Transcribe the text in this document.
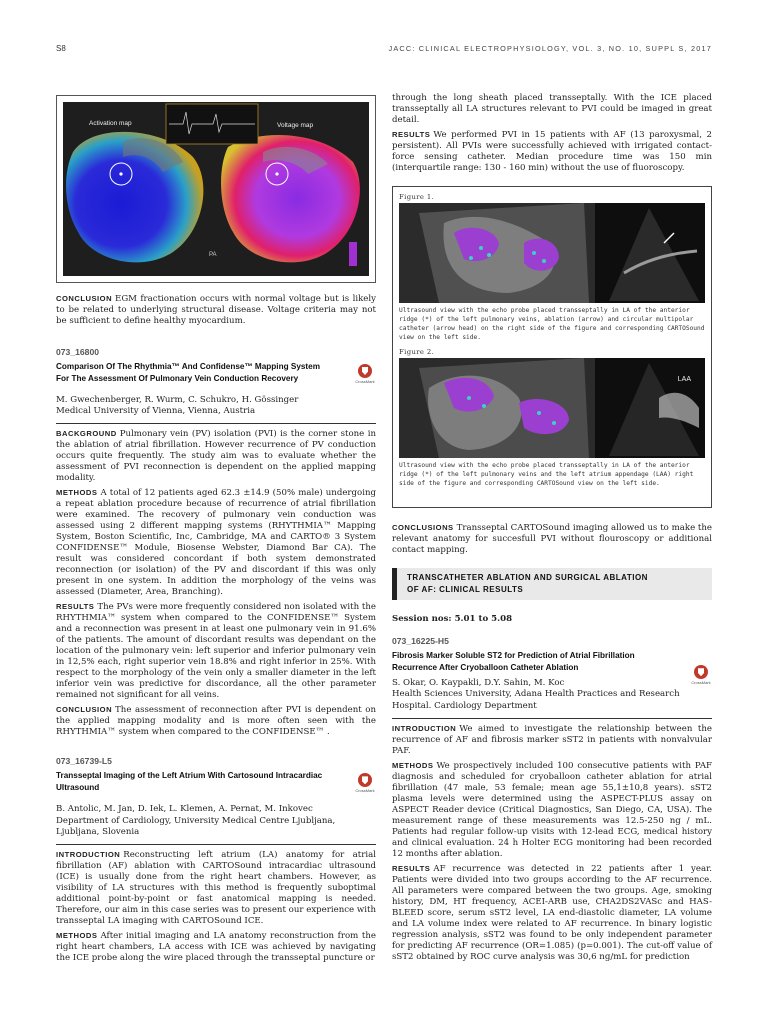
S8	JACC: CLINICAL ELECTROPHYSIOLOGY, VOL. 3, NO. 10, SUPPL S, 2017
Activation map	Voltage map
PA

CONCLUSION EGM fractionation occurs with normal voltage but is likely to be related to underlying structural disease. Voltage criteria may not be sufficient to define healthy myocardium.

073_16800
Comparison Of The Rhythmia™ And Confidense™ Mapping System For The Assessment Of Pulmonary Vein Conduction Recovery	CrossMark
M. Gwechenberger, R. Wurm, C. Schukro, H. Gössinger
Medical University of Vienna, Vienna, Austria

BACKGROUND Pulmonary vein (PV) isolation (PVI) is the corner stone in the ablation of atrial fibrillation. However recurrence of PV conduction occurs quite frequently. The study aim was to evaluate whether the assessment of PVI reconnection is dependent on the applied mapping modality.

METHODS A total of 12 patients aged 62.3 ±14.9 (50% male) undergoing a repeat ablation procedure because of recurrence of atrial fibrillation were examined. The recovery of pulmonary vein conduction was assessed using 2 different mapping systems (RHYTHMIA™ Mapping System, Boston Scientific, Inc, Cambridge, MA and CARTO® 3 System CONFIDENSE™ Module, Biosense Webster, Diamond Bar CA). The result was considered concordant if both system demonstrated reconnection (or isolation) of the PV and discordant if this was only present in one system. In addition the morphology of the veins was assessed (Diameter, Area, Branching).

RESULTS The PVs were more frequently considered non isolated with the RHYTHMIA™ system when compared to the CONFIDENSE™ System and a reconnection was present in at least one pulmonary vein in 91.6% of the patients. The amount of discordant results was dependant on the location of the pulmonary vein: left superior and inferior pulmonary vein in 12,5% each, right superior vein 18.8% and right inferior in 25%. With respect to the morphology of the vein only a smaller diameter in the left inferior vein was predictive for discordance, all the other parameter remained not significant for all veins.

CONCLUSION The assessment of reconnection after PVI is dependent on the applied mapping modality and is more often seen with the RHYTHMIA™ system when compared to the CONFIDENSE™ .

073_16739-L5
Transseptal Imaging of the Left Atrium With Cartosound Intracardiac Ultrasound	CrossMark
B. Antolic, M. Jan, D. Iek, L. Klemen, A. Pernat, M. Inkovec
Department of Cardiology, University Medical Centre Ljubljana, Ljubljana, Slovenia

INTRODUCTION Reconstructing left atrium (LA) anatomy for atrial fibrillation (AF) ablation with CARTOSound intracardiac ultrasound (ICE) is usually done from the right heart chambers. However, as visibility of LA structures with this method is frequently suboptimal additional point-by-point or fast anatomical mapping is needed. Therefore, our aim in this case series was to present our experience with transseptal LA imaging with CARTOSound ICE.

METHODS After initial imaging and LA anatomy reconstruction from the right heart chambers, LA access with ICE was achieved by navigating the ICE probe along the wire placed through the transseptal puncture or

through the long sheath placed transseptally. With the ICE placed transseptally all LA structures relevant to PVI could be imaged in great detail.

RESULTS We performed PVI in 15 patients with AF (13 paroxysmal, 2 persistent). All PVIs were successfully achieved with irrigated contact-force sensing catheter. Median procedure time was 150 min (interquartile range: 130 - 160 min) without the use of fluoroscopy.

Figure 1.
Ultrasound view with the echo probe placed transseptally in LA of the anterior ridge (*) of the left pulmonary veins, ablation (arrow) and circular multipolar catheter (arrow head) on the right side of the figure and corresponding CARTOSound view on the left side.
Figure 2.
LAA
Ultrasound view with the echo probe placed transseptally in LA of the anterior ridge (*) of the left pulmonary veins and the left atrium appendage (LAA) right side of the figure and corresponding CARTOSound view on the left side.

CONCLUSIONS Transseptal CARTOSound imaging allowed us to make the relevant anatomy for succesfull PVI without flouroscopy or additional contact mapping.

TRANSCATHETER ABLATION AND SURGICAL ABLATION
OF AF: CLINICAL RESULTS
Session nos: 5.01 to 5.08
073_16225-H5
Fibrosis Marker Soluble ST2 for Prediction of Atrial Fibrillation Recurrence After Cryoballoon Catheter Ablation
S. Okar, O. Kaypakli, D.Y. Sahin, M. Koc
Health Sciences University, Adana Health Practices and Research Hospital. Cardiology Department
CrossMark

INTRODUCTION We aimed to investigate the relationship between the recurrence of AF and fibrosis marker sST2 in patients with nonvalvular PAF.

METHODS We prospectively included 100 consecutive patients with PAF diagnosis and scheduled for cryoballoon catheter ablation for atrial fibrillation (47 male, 53 female; mean age 55,1±10,8 years). sST2 plasma levels were determined using the ASPECT-PLUS assay on ASPECT Reader device (Critical Diagnostics, San Diego, CA, USA). The measurement range of these measurements was 12.5-250 ng / mL. Patients had regular follow-up visits with 12-lead ECG, medical history and clinical evaluation. 24 h Holter ECG monitoring had been recorded 12 months after ablation.

RESULTS AF recurrence was detected in 22 patients after 1 year. Patients were divided into two groups according to the AF recurrence. All parameters were compared between the two groups. Age, smoking history, DM, HT frequency, ACEI-ARB use, CHA2DS2VASc and HAS-BLEED score, serum sST2 level, LA end-diastolic diameter, LA volume and LA volume index were related to AF recurrence. In binary logistic regression analysis, sST2 was found to be only independent parameter for predicting AF recurrence (OR=1.085) (p=0.001). The cut-off value of sST2 obtained by ROC curve analysis was 30,6 ng/mL for prediction
